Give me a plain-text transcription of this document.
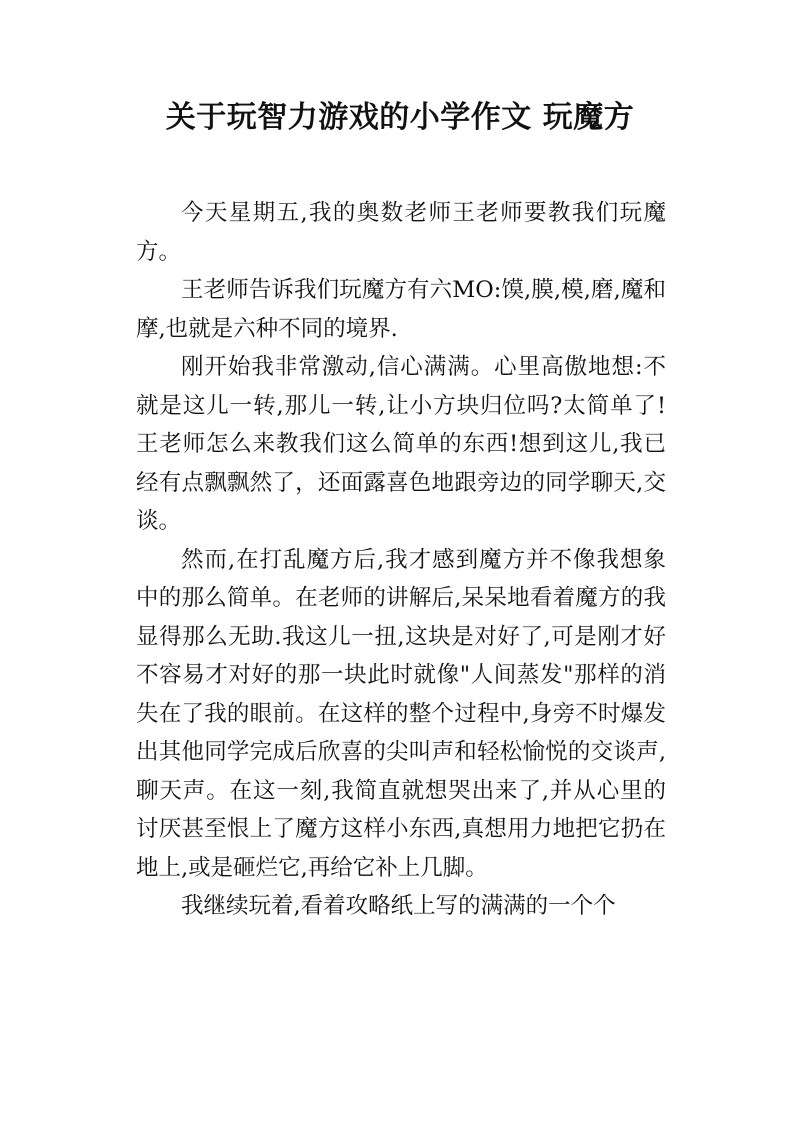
关于玩智力游戏的小学作文 玩魔方

今天星期五,我的奥数老师王老师要教我们玩魔方。

王老师告诉我们玩魔方有六MO:馍,膜,模,磨,魔和摩,也就是六种不同的境界.

刚开始我非常激动,信心满满。心里高傲地想:不就是这儿一转,那儿一转,让小方块归位吗?太简单了!王老师怎么来教我们这么简单的东西!想到这儿,我已经有点飘飘然了，还面露喜色地跟旁边的同学聊天,交谈。

然而,在打乱魔方后,我才感到魔方并不像我想象中的那么简单。在老师的讲解后,呆呆地看着魔方的我显得那么无助.我这儿一扭,这块是对好了,可是刚才好不容易才对好的那一块此时就像"人间蒸发"那样的消失在了我的眼前。在这样的整个过程中,身旁不时爆发出其他同学完成后欣喜的尖叫声和轻松愉悦的交谈声,聊天声。在这一刻,我简直就想哭出来了,并从心里的讨厌甚至恨上了魔方这样小东西,真想用力地把它扔在地上,或是砸烂它,再给它补上几脚。

我继续玩着,看着攻略纸上写的满满的一个个
